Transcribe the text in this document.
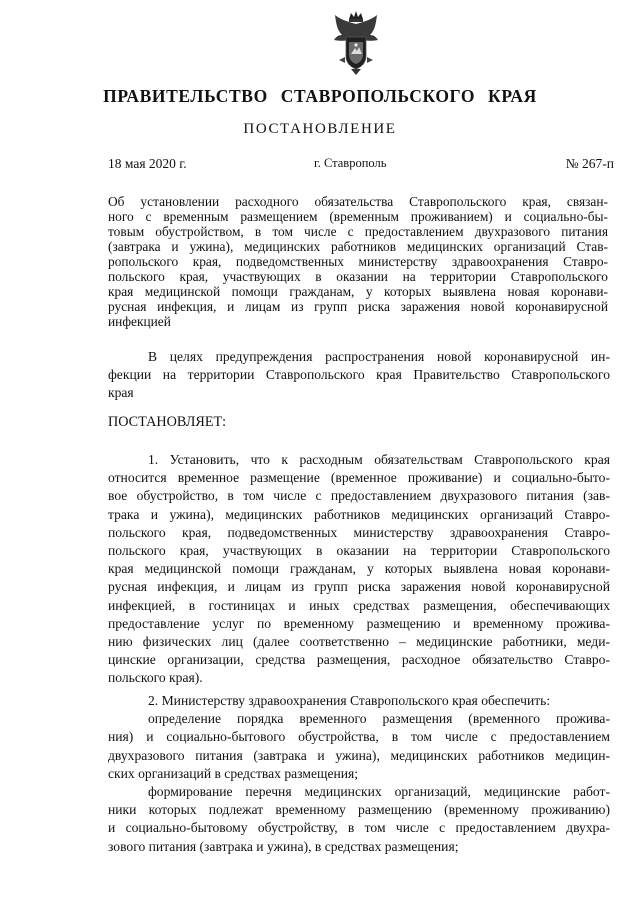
ПРАВИТЕЛЬСТВО СТАВРОПОЛЬСКОГО КРАЯ
ПОСТАНОВЛЕНИЕ
18 мая 2020 г.	г. Ставрополь	№ 267-п
Об установлении расходного обязательства Ставропольского края, связан-
ного с временным размещением (временным проживанием) и социально-бы-
товым обустройством, в том числе с предоставлением двухразового питания
(завтрака и ужина), медицинских работников медицинских организаций Став-
ропольского края, подведомственных министерству здравоохранения Ставро-
польского края, участвующих в оказании на территории Ставропольского
края медицинской помощи гражданам, у которых выявлена новая коронави-
русная инфекция, и лицам из групп риска заражения новой коронавирусной
инфекцией
В целях предупреждения распространения новой коронавирусной ин-
фекции на территории Ставропольского края Правительство Ставропольского
края
ПОСТАНОВЛЯЕТ:
1. Установить, что к расходным обязательствам Ставропольского края
относится временное размещение (временное проживание) и социально-быто-
вое обустройство, в том числе с предоставлением двухразового питания (зав-
трака и ужина), медицинских работников медицинских организаций Ставро-
польского края, подведомственных министерству здравоохранения Ставро-
польского края, участвующих в оказании на территории Ставропольского
края медицинской помощи гражданам, у которых выявлена новая коронави-
русная инфекция, и лицам из групп риска заражения новой коронавирусной
инфекцией, в гостиницах и иных средствах размещения, обеспечивающих
предоставление услуг по временному размещению и временному прожива-
нию физических лиц (далее соответственно – медицинские работники, меди-
цинские организации, средства размещения, расходное обязательство Ставро-
польского края).
2. Министерству здравоохранения Ставропольского края обеспечить:
определение порядка временного размещения (временного прожива-
ния) и социально-бытового обустройства, в том числе с предоставлением
двухразового питания (завтрака и ужина), медицинских работников медицин-
ских организаций в средствах размещения;
формирование перечня медицинских организаций, медицинские работ-
ники которых подлежат временному размещению (временному проживанию)
и социально-бытовому обустройству, в том числе с предоставлением двухра-
зового питания (завтрака и ужина), в средствах размещения;
